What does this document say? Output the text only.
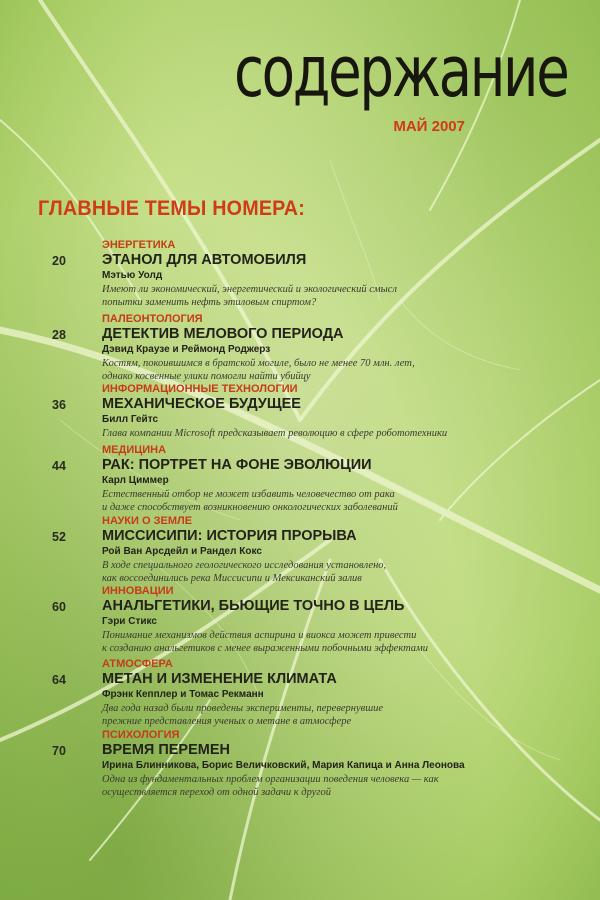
содержание
МАЙ 2007
ГЛАВНЫЕ ТЕМЫ НОМЕРА:
20
ЭНЕРГЕТИКА
ЭТАНОЛ ДЛЯ АВТОМОБИЛЯ
Мэтью Уолд
Имеют ли экономический, энергетический и экологический смысл
попытки заменить нефть этиловым спиртом?
28
ПАЛЕОНТОЛОГИЯ
ДЕТЕКТИВ МЕЛОВОГО ПЕРИОДА
Дэвид Краузе и Реймонд Роджерз
Костям, покоившимся в братской могиле, было не менее 70 млн. лет,
однако косвенные улики помогли найти убийцу
36
ИНФОРМАЦИОННЫЕ ТЕХНОЛОГИИ
МЕХАНИЧЕСКОЕ БУДУЩЕЕ
Билл Гейтс
Глава компании Microsoft предсказывает революцию в сфере робототехники
44
МЕДИЦИНА
РАК: ПОРТРЕТ НА ФОНЕ ЭВОЛЮЦИИ
Карл Циммер
Естественный отбор не может избавить человечество от рака
и даже способствует возникновению онкологических заболеваний
52
НАУКИ О ЗЕМЛЕ
МИССИСИПИ: ИСТОРИЯ ПРОРЫВА
Рой Ван Арсдейл и Рандел Кокс
В ходе специального геологического исследования установлено,
как воссоединились река Миссисипи и Мексиканский залив
60
ИННОВАЦИИ
АНАЛЬГЕТИКИ, БЬЮЩИЕ ТОЧНО В ЦЕЛЬ
Гэри Стикс
Понимание механизмов действия аспирина и виокса может привести
к созданию анальгетиков с менее выраженными побочными эффектами
64
АТМОСФЕРА
МЕТАН И ИЗМЕНЕНИЕ КЛИМАТА
Фрэнк Кепплер и Томас Рекманн
Два года назад были проведены эксперименты, перевернувшие
прежние представления ученых о метане в атмосфере
70
ПСИХОЛОГИЯ
ВРЕМЯ ПЕРЕМЕН
Ирина Блинникова, Борис Величковский, Мария Капица и Анна Леонова
Одна из фундаментальных проблем организации поведения человека — как
осуществляется переход от одной задачи к другой
